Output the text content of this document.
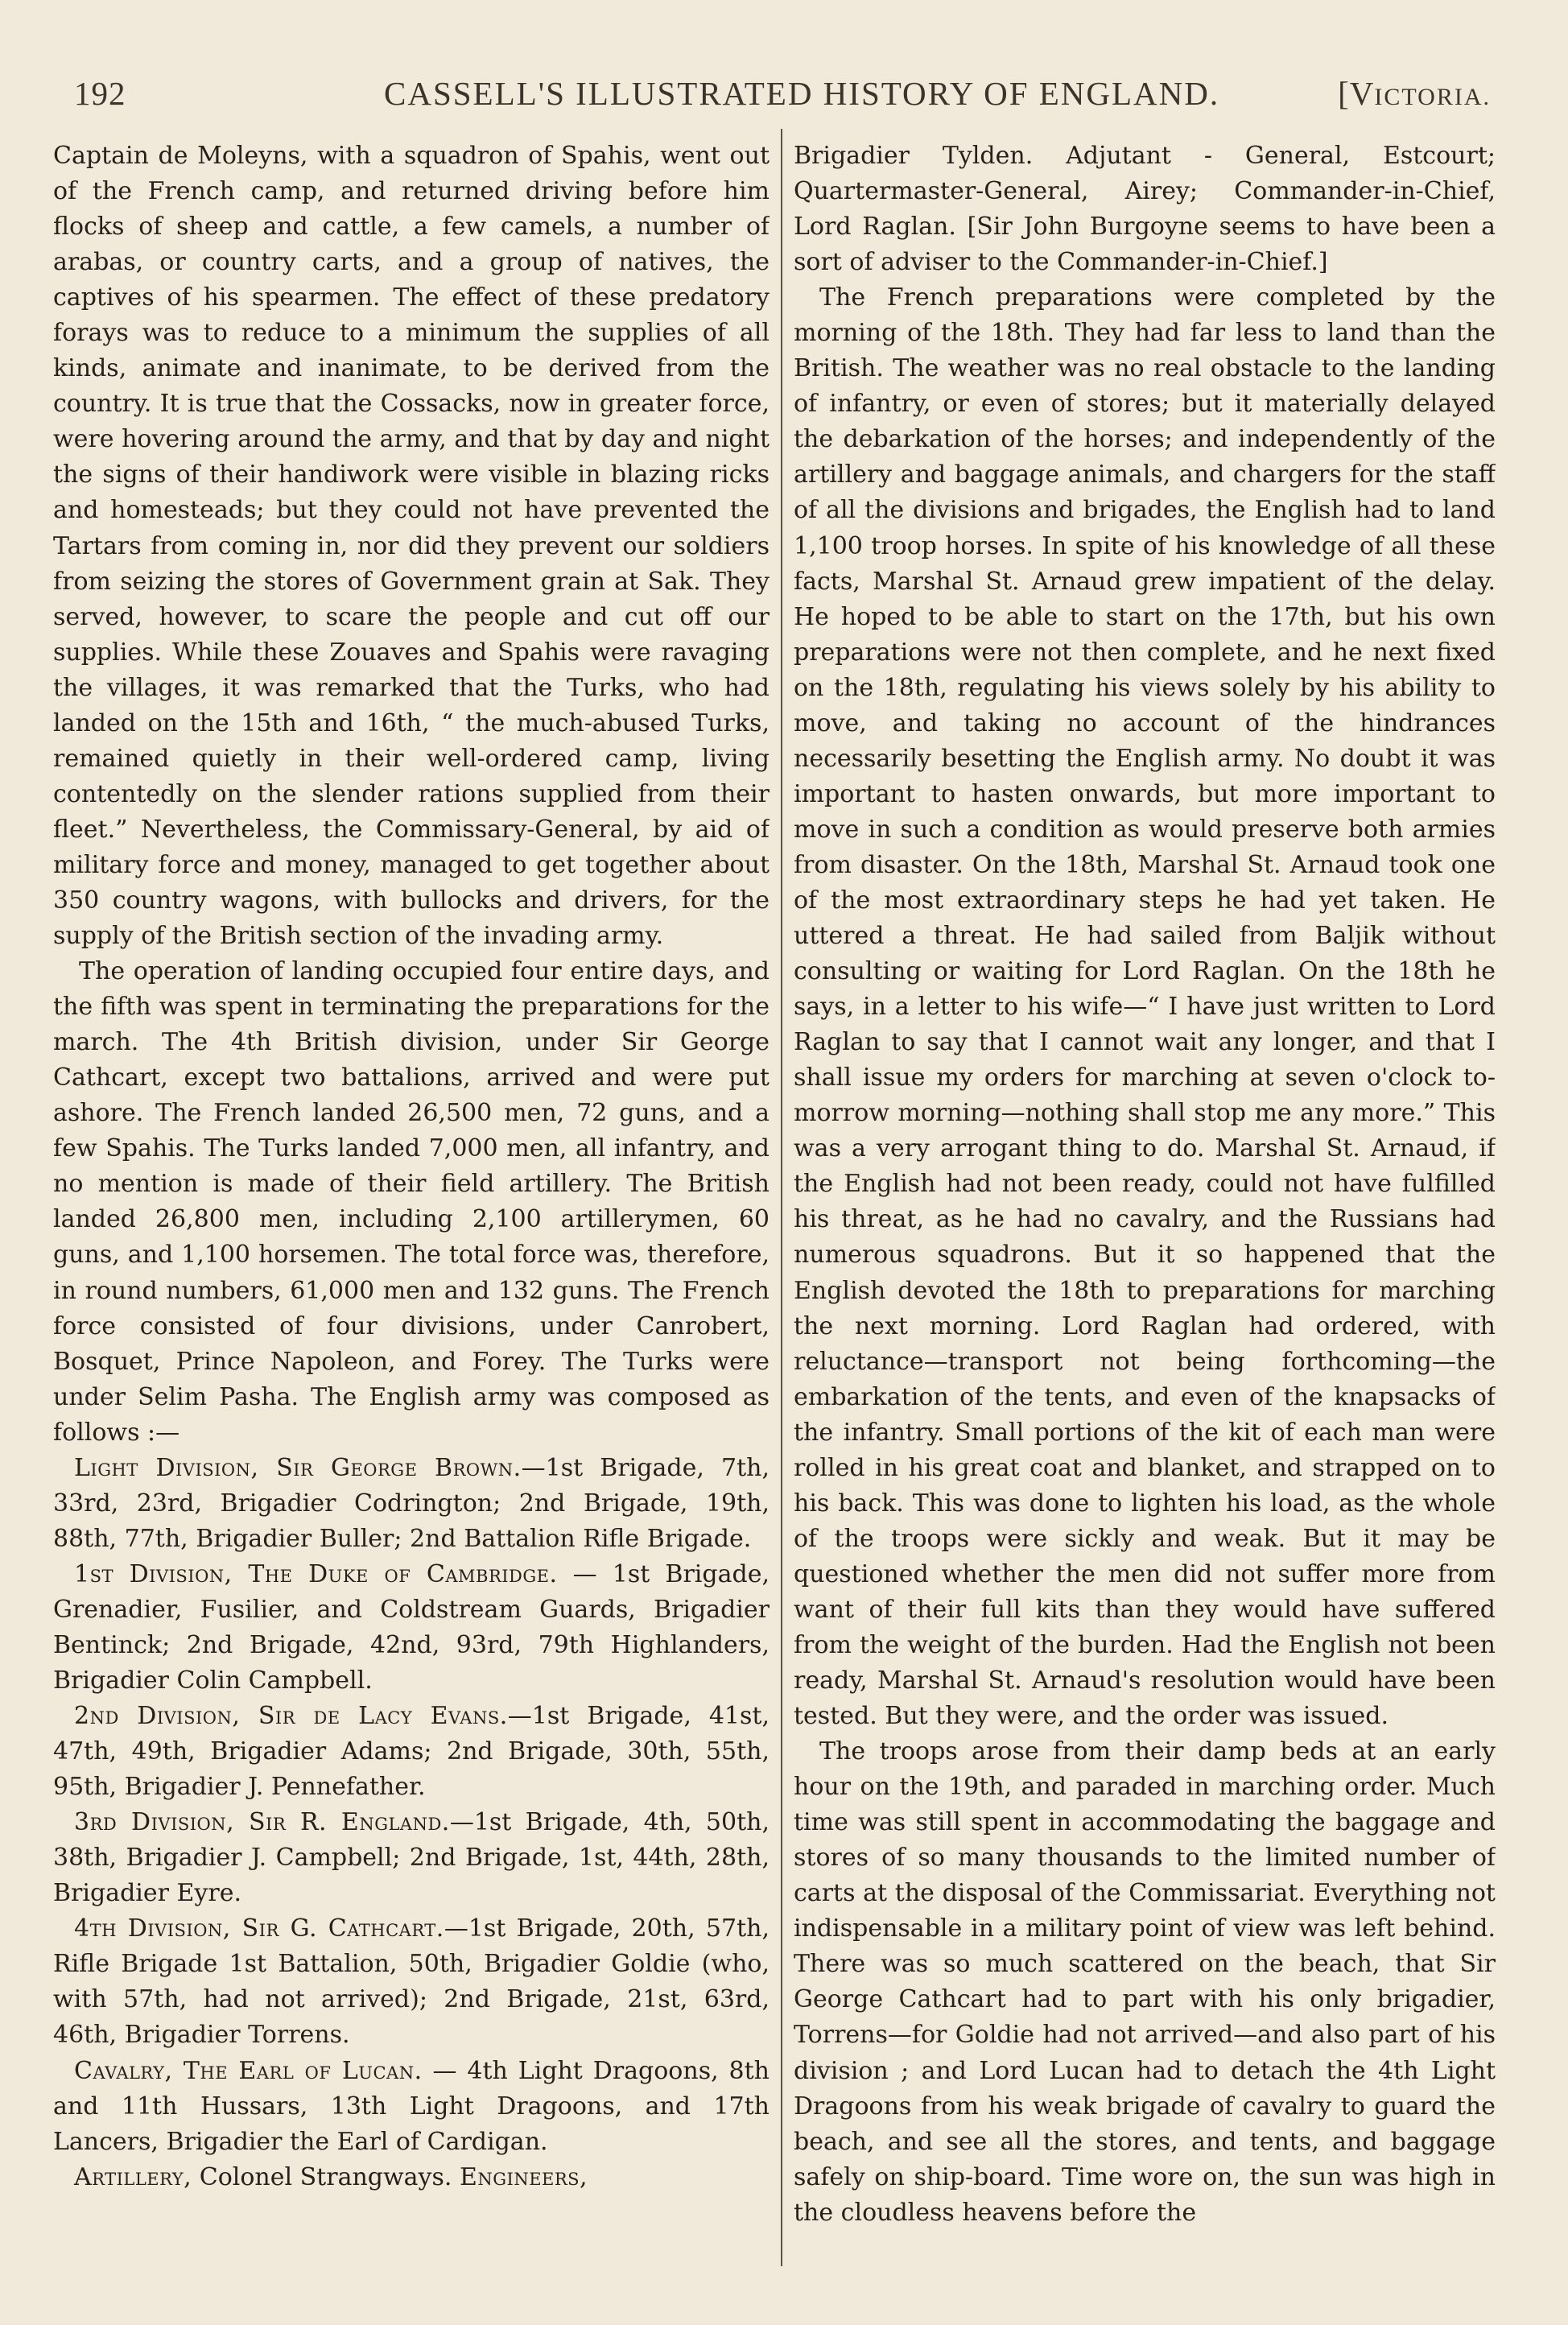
192	CASSELL'S ILLUSTRATED HISTORY OF ENGLAND.	[VICTORIA.

Captain de Moleyns, with a squadron of Spahis, went out of the French camp, and returned driving before him flocks of sheep and cattle, a few camels, a number of arabas, or country carts, and a group of natives, the captives of his spearmen. The effect of these predatory forays was to reduce to a minimum the supplies of all kinds, animate and inanimate, to be derived from the country. It is true that the Cossacks, now in greater force, were hovering around the army, and that by day and night the signs of their handiwork were visible in blazing ricks and homesteads; but they could not have prevented the Tartars from coming in, nor did they prevent our soldiers from seizing the stores of Government grain at Sak. They served, however, to scare the people and cut off our supplies. While these Zouaves and Spahis were ravaging the villages, it was remarked that the Turks, who had landed on the 15th and 16th, “ the much-abused Turks, remained quietly in their well-ordered camp, living contentedly on the slender rations supplied from their fleet.” Nevertheless, the Commissary-General, by aid of military force and money, managed to get together about 350 country wagons, with bullocks and drivers, for the supply of the British section of the invading army.

The operation of landing occupied four entire days, and the fifth was spent in terminating the preparations for the march. The 4th British division, under Sir George Cathcart, except two battalions, arrived and were put ashore. The French landed 26,500 men, 72 guns, and a few Spahis. The Turks landed 7,000 men, all infantry, and no mention is made of their field artillery. The British landed 26,800 men, including 2,100 artillerymen, 60 guns, and 1,100 horsemen. The total force was, therefore, in round numbers, 61,000 men and 132 guns. The French force consisted of four divisions, under Canrobert, Bosquet, Prince Napoleon, and Forey. The Turks were under Selim Pasha. The English army was composed as follows :—

Light Division, Sir George Brown.—1st Brigade, 7th, 33rd, 23rd, Brigadier Codrington; 2nd Brigade, 19th, 88th, 77th, Brigadier Buller; 2nd Battalion Rifle Brigade.

1st Division, The Duke of Cambridge. — 1st Brigade, Grenadier, Fusilier, and Coldstream Guards, Brigadier Bentinck; 2nd Brigade, 42nd, 93rd, 79th Highlanders, Brigadier Colin Campbell.

2nd Division, Sir de Lacy Evans.—1st Brigade, 41st, 47th, 49th, Brigadier Adams; 2nd Brigade, 30th, 55th, 95th, Brigadier J. Pennefather.

3rd Division, Sir R. England.—1st Brigade, 4th, 50th, 38th, Brigadier J. Campbell; 2nd Brigade, 1st, 44th, 28th, Brigadier Eyre.

4th Division, Sir G. Cathcart.—1st Brigade, 20th, 57th, Rifle Brigade 1st Battalion, 50th, Brigadier Goldie (who, with 57th, had not arrived); 2nd Brigade, 21st, 63rd, 46th, Brigadier Torrens.

Cavalry, The Earl of Lucan. — 4th Light Dragoons, 8th and 11th Hussars, 13th Light Dragoons, and 17th Lancers, Brigadier the Earl of Cardigan.

Artillery, Colonel Strangways. Engineers,

Brigadier Tylden. Adjutant - General, Estcourt; Quartermaster-General, Airey; Commander-in-Chief, Lord Raglan. [Sir John Burgoyne seems to have been a sort of adviser to the Commander-in-Chief.]

The French preparations were completed by the morning of the 18th. They had far less to land than the British. The weather was no real obstacle to the landing of infantry, or even of stores; but it materially delayed the debarkation of the horses; and independently of the artillery and baggage animals, and chargers for the staff of all the divisions and brigades, the English had to land 1,100 troop horses. In spite of his knowledge of all these facts, Marshal St. Arnaud grew impatient of the delay. He hoped to be able to start on the 17th, but his own preparations were not then complete, and he next fixed on the 18th, regulating his views solely by his ability to move, and taking no account of the hindrances necessarily besetting the English army. No doubt it was important to hasten onwards, but more important to move in such a condition as would preserve both armies from disaster. On the 18th, Marshal St. Arnaud took one of the most extraordinary steps he had yet taken. He uttered a threat. He had sailed from Baljik without consulting or waiting for Lord Raglan. On the 18th he says, in a letter to his wife—“ I have just written to Lord Raglan to say that I cannot wait any longer, and that I shall issue my orders for marching at seven o'clock to-morrow morning—nothing shall stop me any more.” This was a very arrogant thing to do. Marshal St. Arnaud, if the English had not been ready, could not have fulfilled his threat, as he had no cavalry, and the Russians had numerous squadrons. But it so happened that the English devoted the 18th to preparations for marching the next morning. Lord Raglan had ordered, with reluctance—transport not being forthcoming—the embarkation of the tents, and even of the knapsacks of the infantry. Small portions of the kit of each man were rolled in his great coat and blanket, and strapped on to his back. This was done to lighten his load, as the whole of the troops were sickly and weak. But it may be questioned whether the men did not suffer more from want of their full kits than they would have suffered from the weight of the burden. Had the English not been ready, Marshal St. Arnaud's resolution would have been tested. But they were, and the order was issued.

The troops arose from their damp beds at an early hour on the 19th, and paraded in marching order. Much time was still spent in accommodating the baggage and stores of so many thousands to the limited number of carts at the disposal of the Commissariat. Everything not indispensable in a military point of view was left behind. There was so much scattered on the beach, that Sir George Cathcart had to part with his only brigadier, Torrens—for Goldie had not arrived—and also part of his division ; and Lord Lucan had to detach the 4th Light Dragoons from his weak brigade of cavalry to guard the beach, and see all the stores, and tents, and baggage safely on ship-board. Time wore on, the sun was high in the cloudless heavens before the
